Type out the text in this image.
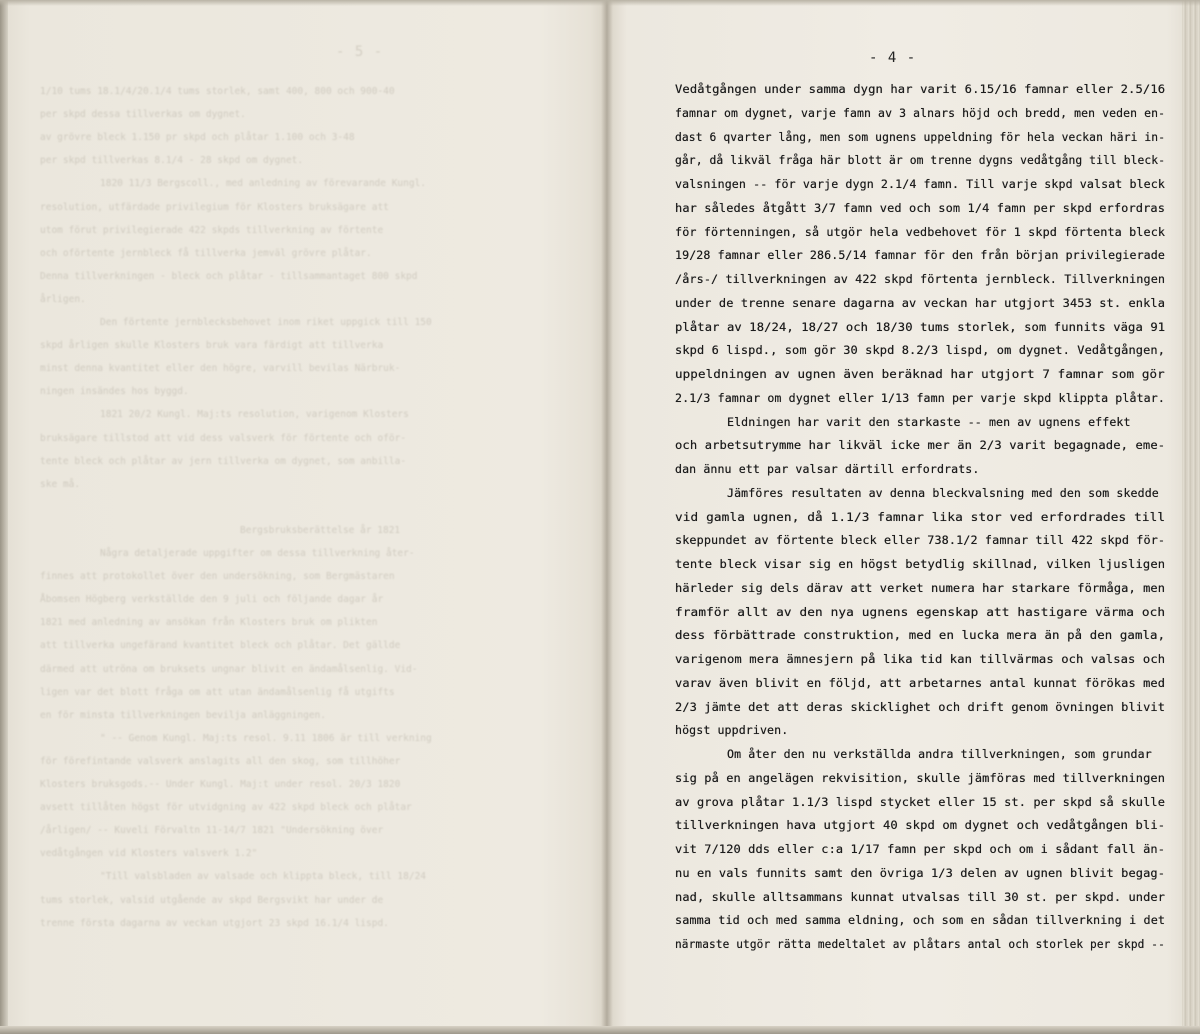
1/10 tums 18.1/4/20.1/4 tums storlek, samt 400, 800 och 900-40
per skpd dessa tillverkas om dygnet.
av grövre bleck 1.150 pr skpd och plåtar 1.100 och 3-48
per skpd tillverkas 8.1/4 - 28 skpd om dygnet.
1820 11/3 Bergscoll., med anledning av förevarande Kungl.
resolution, utfärdade privilegium för Klosters bruksägare att
utom förut privilegierade 422 skpds tillverkning av förtente
och oförtente jernbleck få tillverka jemväl grövre plåtar.
Denna tillverkningen - bleck och plåtar - tillsammantaget 800 skpd
årligen.
Den förtente jernblecksbehovet inom riket uppgick till 150
skpd årligen skulle Klosters bruk vara färdigt att tillverka
minst denna kvantitet eller den högre, varvill bevilas Närbruk-
ningen insändes hos byggd.
1821 20/2 Kungl. Maj:ts resolution, varigenom Klosters
bruksägare tillstod att vid dess valsverk för förtente och oför-
tente bleck och plåtar av jern tillverka om dygnet, som anbilla-
ske må.
Bergsbruksberättelse år 1821
Några detaljerade uppgifter om dessa tillverkning åter-
finnes att protokollet över den undersökning, som Bergmästaren
Åbomsen Högberg verkställde den 9 juli och följande dagar år
1821 med anledning av ansökan från Klosters bruk om plikten
att tillverka ungefärand kvantitet bleck och plåtar. Det gällde
därmed att utröna om bruksets ungnar blivit en ändamålsenlig. Vid-
ligen var det blott fråga om att utan ändamålsenlig få utgifts
en för minsta tillverkningen bevilja anläggningen.
" -- Genom Kungl. Maj:ts resol. 9.11 1806 är till verkning
för förefintande valsverk anslagits all den skog, som tillhöher
Klosters bruksgods.-- Under Kungl. Maj:t under resol. 20/3 1820
avsett tillåten högst för utvidgning av 422 skpd bleck och plåtar
/årligen/ -- Kuveli Förvaltn 11-14/7 1821 "Undersökning över
vedåtgången vid Klosters valsverk 1.2"
"Till valsbladen av valsade och klippta bleck, till 18/24
tums storlek, valsid utgående av skpd Bergsvikt har under de
trenne första dagarna av veckan utgjort 23 skpd 16.1/4 lispd.
- 5 -	- 4 -
Vedåtgången under samma dygn har varit 6.15/16 famnar eller 2.5/16
famnar om dygnet, varje famn av 3 alnars höjd och bredd, men veden en-
dast 6 qvarter lång, men som ugnens uppeldning för hela veckan häri in-
går, då likväl fråga här blott är om trenne dygns vedåtgång till bleck-
valsningen -- för varje dygn 2.1/4 famn. Till varje skpd valsat bleck
har således åtgått 3/7 famn ved och som 1/4 famn per skpd erfordras
för förtenningen, så utgör hela vedbehovet för 1 skpd förtenta bleck
19/28 famnar eller 286.5/14 famnar för den från början privilegierade
/års-/ tillverkningen av 422 skpd förtenta jernbleck. Tillverkningen
under de trenne senare dagarna av veckan har utgjort 3453 st. enkla
plåtar av 18/24, 18/27 och 18/30 tums storlek, som funnits väga 91
skpd 6 lispd., som gör 30 skpd 8.2/3 lispd, om dygnet. Vedåtgången,
uppeldningen av ugnen även beräknad har utgjort 7 famnar som gör
2.1/3 famnar om dygnet eller 1/13 famn per varje skpd klippta plåtar.
Eldningen har varit den starkaste -- men av ugnens effekt
och arbetsutrymme har likväl icke mer än 2/3 varit begagnade, eme-
dan ännu ett par valsar därtill erfordrats.
Jämföres resultaten av denna bleckvalsning med den som skedde
vid gamla ugnen, då 1.1/3 famnar lika stor ved erfordrades till
skeppundet av förtente bleck eller 738.1/2 famnar till 422 skpd för-
tente bleck visar sig en högst betydlig skillnad, vilken ljusligen
härleder sig dels därav att verket numera har starkare förmåga, men
framför allt av den nya ugnens egenskap att hastigare värma och
dess förbättrade construktion, med en lucka mera än på den gamla,
varigenom mera ämnesjern på lika tid kan tillvärmas och valsas och
varav även blivit en följd, att arbetarnes antal kunnat förökas med
2/3 jämte det att deras skicklighet och drift genom övningen blivit
högst uppdriven.
Om åter den nu verkställda andra tillverkningen, som grundar
sig på en angelägen rekvisition, skulle jämföras med tillverkningen
av grova plåtar 1.1/3 lispd stycket eller 15 st. per skpd så skulle
tillverkningen hava utgjort 40 skpd om dygnet och vedåtgången bli-
vit 7/120 dds eller c:a 1/17 famn per skpd och om i sådant fall än-
nu en vals funnits samt den övriga 1/3 delen av ugnen blivit begag-
nad, skulle alltsammans kunnat utvalsas till 30 st. per skpd. under
samma tid och med samma eldning, och som en sådan tillverkning i det
närmaste utgör rätta medeltalet av plåtars antal och storlek per skpd --
